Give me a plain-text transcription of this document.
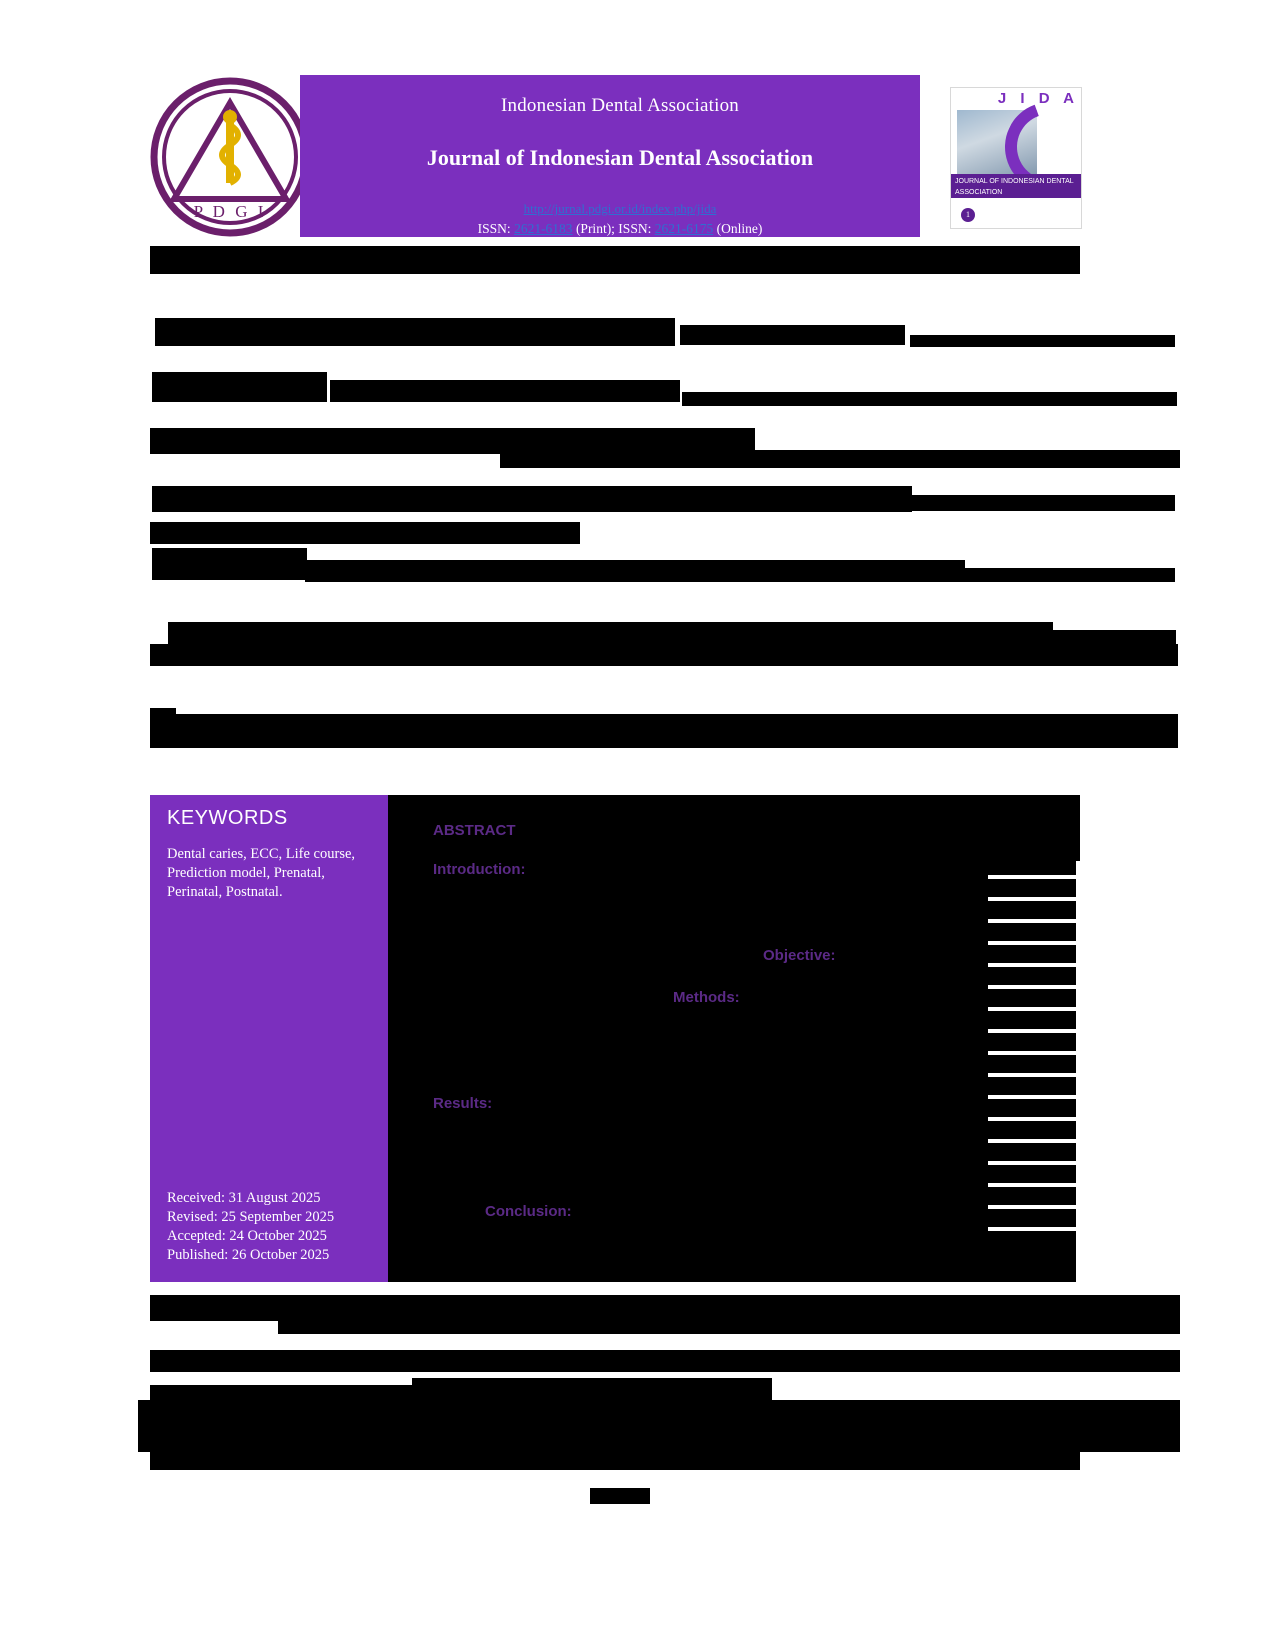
P D G I
Indonesian Dental Association
Journal of Indonesian Dental Association
http://jurnal.pdgi.or.id/index.php/jida
ISSN: 2621-6183 (Print); ISSN: 2621-6175 (Online)
J I D A
JOURNAL OF INDONESIAN DENTAL ASSOCIATION
1
KEYWORDS
Dental caries, ECC, Life course, Prediction model, Prenatal, Perinatal, Postnatal.
Received: 31 August 2025
Revised: 25 September 2025
Accepted: 24 October 2025
Published: 26 October 2025
ABSTRACT
Introduction:
Objective:
Methods:
Results:
Conclusion:
1
